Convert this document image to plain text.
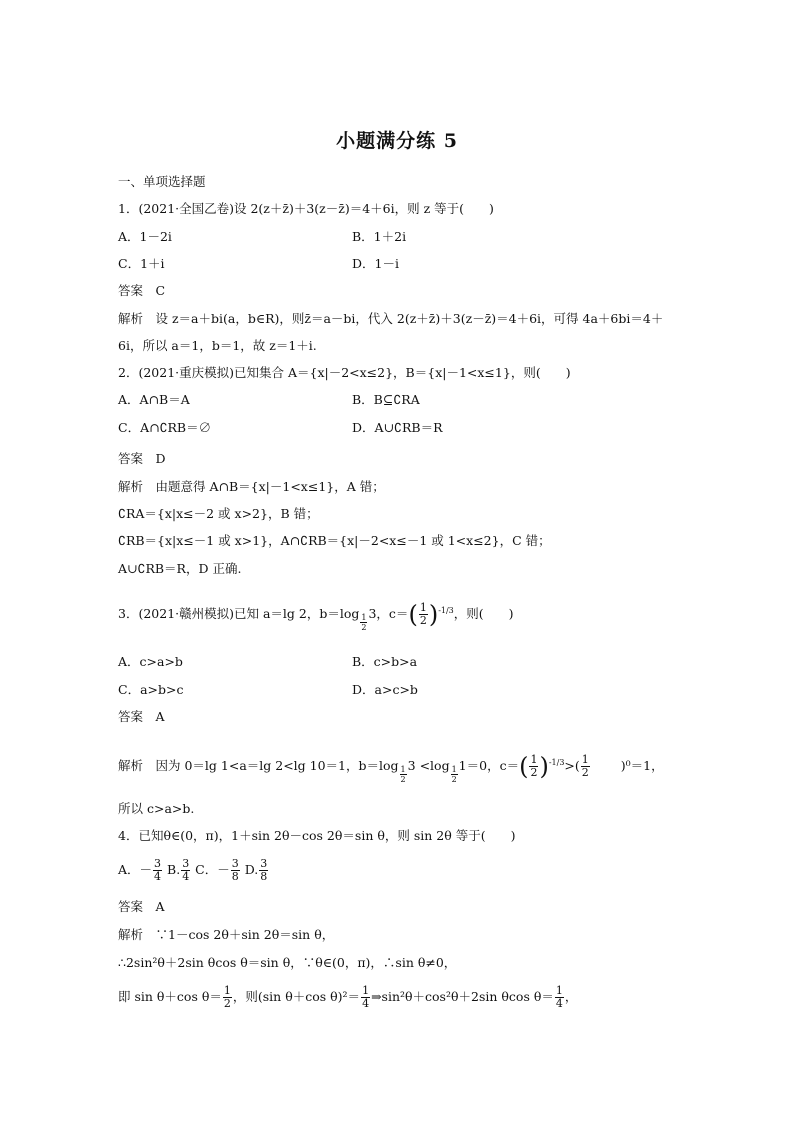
小题满分练 5
一、单项选择题
1．(2021·全国乙卷)设 2(z＋z̄)＋3(z－z̄)＝4＋6i，则 z 等于(　　)
A．1－2i	B．1＋2i
C．1＋i	D．1－i
答案　C
解析　设 z＝a＋bi(a，b∈R)，则z̄＝a－bi，代入 2(z＋z̄)＋3(z－z̄)＝4＋6i，可得 4a＋6bi＝4＋
6i，所以 a＝1，b＝1，故 z＝1＋i.
2．(2021·重庆模拟)已知集合 A＝{x|－2<x≤2}，B＝{x|－1<x≤1}，则(　　)
A．A∩B＝A	B．B⊆∁RA
C．A∩∁RB＝∅	D．A∪∁RB＝R
答案　D
解析　由题意得 A∩B＝{x|－1<x≤1}，A 错；
∁RA＝{x|x≤－2 或 x>2}，B 错；
∁RB＝{x|x≤－1 或 x>1}，A∩∁RB＝{x|－2<x≤－1 或 1<x≤2}，C 错；
A∪∁RB＝R，D 正确.
3．(2021·赣州模拟)已知 a＝lg 2，$b=\log \frac{1}{2} 3$，$c=( \frac{1}{2} )^{-1/3}$，则(　　)
A．c>a>b	B．c>b>a
C．a>b>c	D．a>c>b
答案　A
解析　因为 0＝lg 1<a＝lg 2<lg 10＝1，$b=\log \frac{1}{2} 3 <\log \frac{1}{2} 1=0$，$c=( \frac{1}{2} )^{-1/3}>( \frac{1}{2} )^0=1$，
所以 c>a>b.
4．已知θ∈(0，π)，1＋sin 2θ－cos 2θ＝sin θ，则 sin 2θ 等于(　　)
A．－ $\frac{3}{4} B$. $\frac{3}{4}$ C．－ $\frac{3}{8} D$. $\frac{3}{8}$
答案　A
解析　∵1－cos 2θ＋sin 2θ＝sin θ，
∴2sin²θ＋2sin θcos θ＝sin θ，∵θ∈(0，π)，∴sin θ≠0，
即 sin θ＋cos $\theta= \frac{1}{2}$ ，则(sin θ＋cos $\theta)^2= \frac{1}{4}$ ⇒sin²θ＋cos²θ＋2sin θcos $\theta= \frac{1}{4}$ ，
